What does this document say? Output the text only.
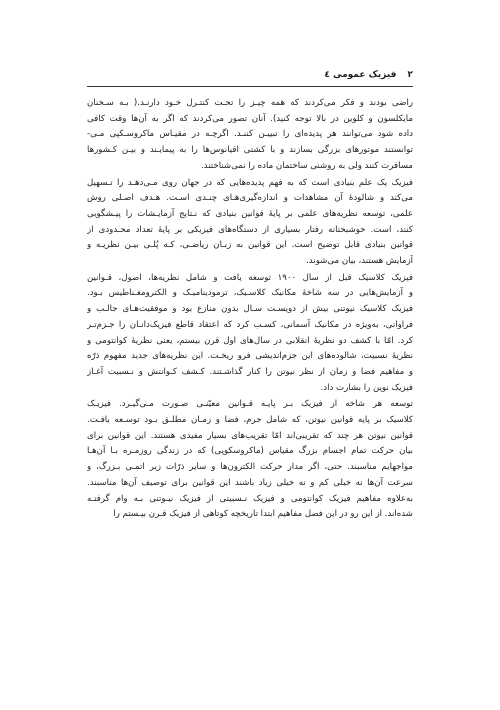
۲ فیزیک عمومی ٤

راضی بودند و فکر می‌کردند که همه چیـز را تحـت کنتـرل خـود دارنـد.( بـه سـخنان
مایکلسون و کلوین در بالا توجه کنید). آنان تصور می‌کردند که اگر به آن‌ها وقت کافی
داده شود می‌توانند هر پدیده‌ای را تبییـن کننـد. اگرچـه در مقیـاس ماکروسـکپی مـی-
توانستند موتورهای بزرگی بسازند و با کشتی اقیانوس‌ها را به پیمایـند و بیـن کـشورها
مسافرت کنند ولی به روشنی ساختمان ماده را نمی‌شناختند.

فیزیک یک علم بنیادی است که به فهم پدیده‌هایی که در جهان روی مـی‌دهـد را تـسهیل
می‌کند و شالودۀ آن مشاهدات و اندازه‌گیری‌هـای چنـدی اسـت. هـدف اصـلی روش
علمی، توسعه نظریه‌های علمی بر پایۀ قوانین بنیادی که نـتایج آزمایـشات را پیـشگویی
کنند، است. خوشبختانه رفتار بسیاری از دستگاه‌های فیزیکی بر پایۀ تعداد محـدودی از
قوانین بنیادی قابل توضیح است. این قوانین به زبـان ریاضـی، کـه پُلـی بیـن نظریـه و
آزمایش هستند، بیان می‌شوند.

فیزیک کلاسیک قبل از سال ۱۹۰۰ توسعه یافت و شامل نظریه‌ها، اصول، قـوانین
و آزمایش‌هایی در سه شاخۀ مکانیک کلاسـیک، ترمودینامیـک و الکترومغـناطیس بـود.
فیزیک کلاسیک نیوتنی بیش از دویسـت سـال بدون منازع بود و موفقیت‌هـای جالـب و
فراوانی، به‌ویژه در مکانیک آسمانی، کسـب کرد که اعتقاد قاطع فیزیک‌دانـان را جـزم‌تـر
کرد. امّا با کشف دو نظریۀ انقلابی در سال‌های اول قرن بیستم، یعنی نظریۀ کوانتومی و
نظریۀ نسبیت، شالوده‌های این جزم‌اندیشی فرو ریخـت. این نظریه‌های جدید مفهوم ذرّه
و مفاهیم فضا و زمان از نظر نیوتن را کنار گذاشـتند. کـشف کـوانتش و نـسبیت آغـاز
فیزیک نوین را بشارت داد.

توسعه هر شاخه از فیزیک بـر پایـه قـوانین معیّنـی صـورت مـی‌گیـرد. فیزیـک
کلاسیک بر پایه قوانین نیوتن، که شامل جرم، فضا و زمـان مطلـق بـود توسـعه یافـت.
قوانین نیوتن هر چند که تقریبی‌اند امّا تقریب‌های بسیار مفیدی هستند. این قوانین برای
بیان حرکت تمام اجسام بزرگ مقیاس (ماکروسکوپی) که در زندگی روزمـره بـا آن‌هـا
مواجهایم مناسبند. حتی، اگر مدار حرکت الکترون‌ها و سایر ذرّات زیر اتمـی بـزرگ، و
سرعت آن‌ها نه خیلی کم و نه خیلی زیاد باشند این قوانین برای توصیف آن‌ها مناسبند.
به‌علاوه مفاهیم فیزیک کوانتومی و فیزیک نـسبیتی از فیزیک نیـوتنی بـه وام گرفتـه
شده‌اند. از این رو در این فصل مفاهیم ابتدا تاریخچه کوتاهی از فیزیک قـرن بیـستم را
